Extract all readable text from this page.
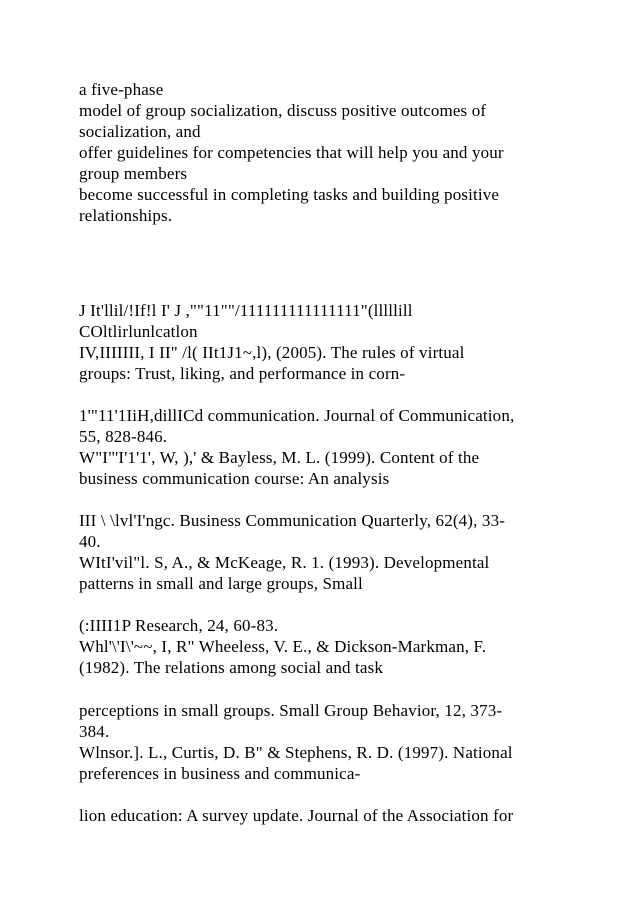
a five-phase
model of group socialization, discuss positive outcomes of
socialization, and
offer guidelines for competencies that will help you and your
group members
become successful in completing tasks and building positive
relationships.
J It'llil/!If!l I' J ,""11""/111111111111111"(lllllill
COltlirlunlcatlon
IV,IIIIIII, I II" /l( IIt1J1~,l), (2005). The rules of virtual
groups: Trust, liking, and performance in corn-
1'"11'1IiH,dillICd communication. Journal of Communication,
55, 828-846.
W"I"'I'1'1', W, ),' & Bayless, M. L. (1999). Content of the
business communication course: An analysis
III \ \lvl'I'ngc. Business Communication Quarterly, 62(4), 33-
40.
WItI'vil"l. S, A., & McKeage, R. 1. (1993). Developmental
patterns in small and large groups, Small
(:IIII1P Research, 24, 60-83.
Whl'\'I\'~~, I, R" Wheeless, V. E., & Dickson-Markman, F.
(1982). The relations among social and task
perceptions in small groups. Small Group Behavior, 12, 373-
384.
Wlnsor.]. L., Curtis, D. B" & Stephens, R. D. (1997). National
preferences in business and communica-
lion education: A survey update. Journal of the Association for
